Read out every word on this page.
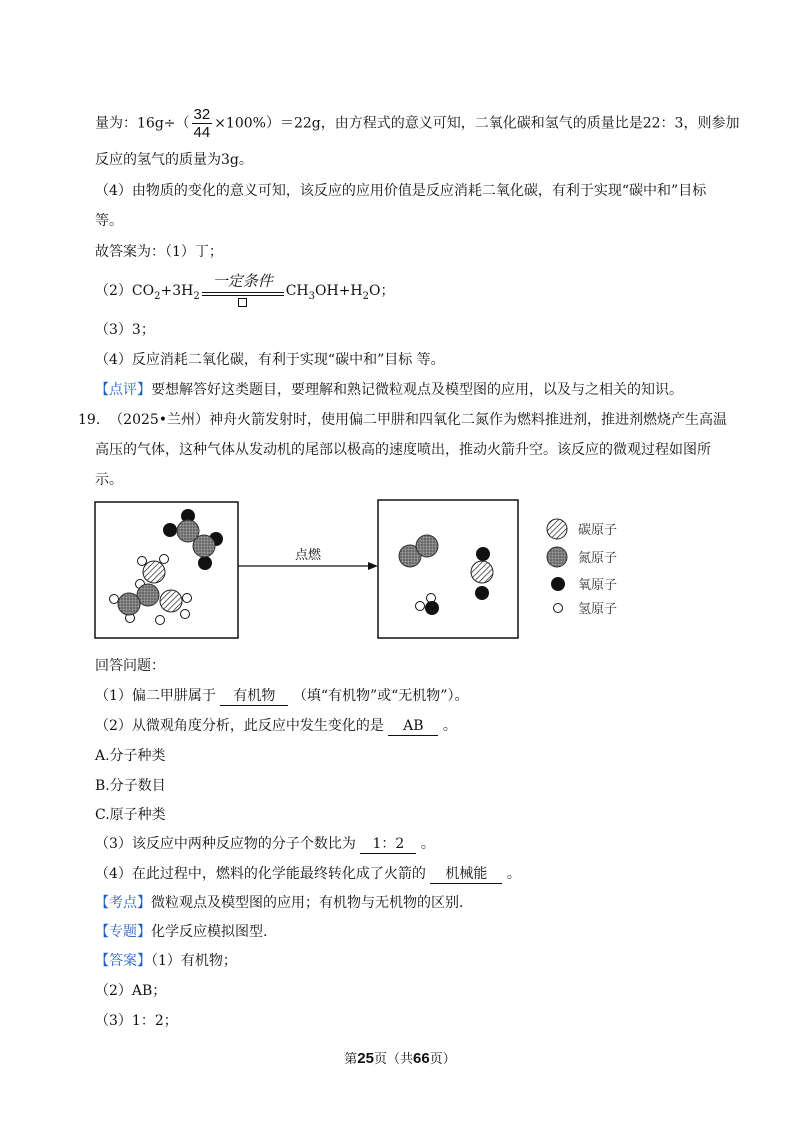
量为：$16g\div( \frac{32}{44} \times 100\%)=22g$，由方程式的意义可知，二氧化碳和氢气的质量比是22：3，则参加
反应的氢气的质量为3g。
（4）由物质的变化的意义可知，该反应的应用价值是反应消耗二氧化碳，有利于实现“碳中和”目标
等。
故答案为：（1）丁；
$(2)CO_2+3H_2$
一定条件
$CH_3OH+H_2O$；
（3）3；
（4）反应消耗二氧化碳，有利于实现“碳中和”目标 等。
【点评】要想解答好这类题目，要理解和熟记微粒观点及模型图的应用，以及与之相关的知识。
19. （2025•兰州）神舟火箭发射时，使用偏二甲肼和四氧化二氮作为燃料推进剂，推进剂燃烧产生高温
高压的气体，这种气体从发动机的尾部以极高的速度喷出，推动火箭升空。该反应的微观过程如图所
示。
点燃
碳原子
氮原子
氧原子
氢原子
回答问题：
（1）偏二甲肼属于 有机物 （填“有机物”或“无机物”）。
（2）从微观角度分析，此反应中发生变化的是 AB 。
A.分子种类
B.分子数目
C.原子种类
（3）该反应中两种反应物的分子个数比为 1：2 。
（4）在此过程中，燃料的化学能最终转化成了火箭的 机械能 。
【考点】微粒观点及模型图的应用；有机物与无机物的区别.
【专题】化学反应模拟图型.
【答案】（1）有机物；
（2）AB；
（3）1：2；
第25页（共66页）
